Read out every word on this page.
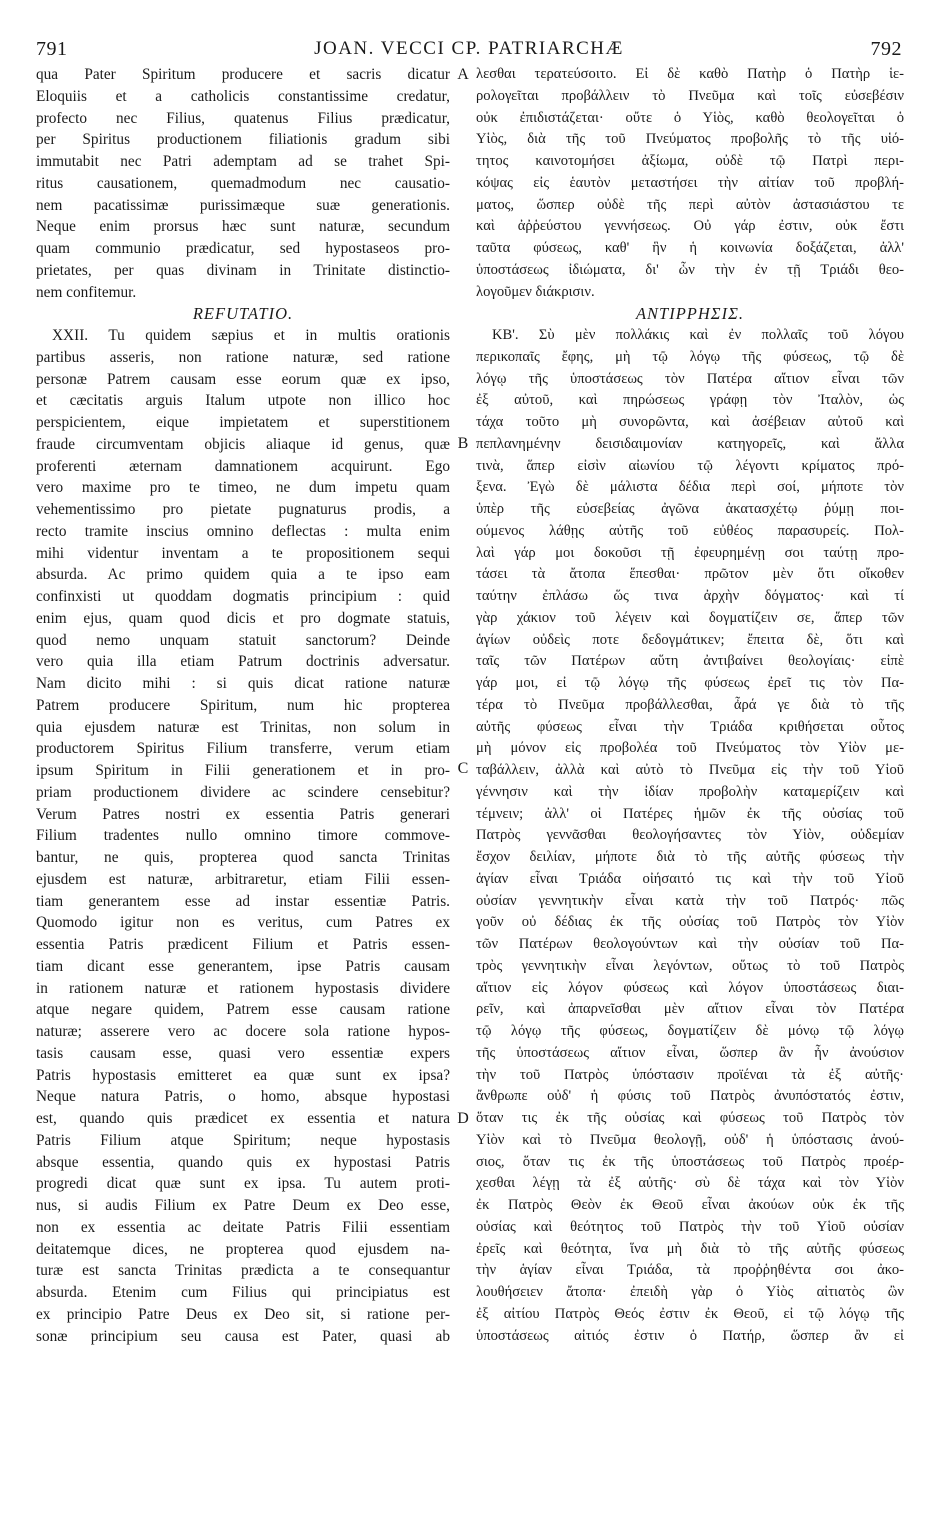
791	JOAN. VECCI CP. PATRIARCHÆ	792
qua Pater Spiritum producere et sacris dicatur
Eloquiis et a catholicis constantissime credatur,
profecto nec Filius, quatenus Filius prædicatur,
per Spiritus productionem filiationis gradum sibi
immutabit nec Patri ademptam ad se trahet Spi-
ritus causationem, quemadmodum nec causatio-
nem pacatissimæ purissimæque suæ generationis.
Neque enim prorsus hæc sunt naturæ, secundum
quam communio prædicatur, sed hypostaseos pro-
prietates, per quas divinam in Trinitate distinctio-
nem confitemur.
REFUTATIO.
XXII. Tu quidem sæpius et in multis orationis
partibus asseris, non ratione naturæ, sed ratione
personæ Patrem causam esse eorum quæ ex ipso,
et cæcitatis arguis Italum utpote non illico hoc
perspicientem, eique impietatem et superstitionem
fraude circumventam objicis aliaque id genus, quæ
proferenti æternam damnationem acquirunt. Ego
vero maxime pro te timeo, ne dum impetu quam
vehementissimo pro pietate pugnaturus prodis, a
recto tramite inscius omnino deflectas : multa enim
mihi videntur inventam a te propositionem sequi
absurda. Ac primo quidem quia a te ipso eam
confinxisti ut quoddam dogmatis principium : quid
enim ejus, quam quod dicis et pro dogmate statuis,
quod nemo unquam statuit sanctorum? Deinde
vero quia illa etiam Patrum doctrinis adversatur.
Nam dicito mihi : si quis dicat ratione naturæ
Patrem producere Spiritum, num hic propterea
quia ejusdem naturæ est Trinitas, non solum in
productorem Spiritus Filium transferre, verum etiam
ipsum Spiritum in Filii generationem et in pro-
priam productionem dividere ac scindere censebitur?
Verum Patres nostri ex essentia Patris generari
Filium tradentes nullo omnino timore commove-
bantur, ne quis, propterea quod sancta Trinitas
ejusdem est naturæ, arbitraretur, etiam Filii essen-
tiam generantem esse ad instar essentiæ Patris.
Quomodo igitur non es veritus, cum Patres ex
essentia Patris prædicent Filium et Patris essen-
tiam dicant esse generantem, ipse Patris causam
in rationem naturæ et rationem hypostasis dividere
atque negare quidem, Patrem esse causam ratione
naturæ; asserere vero ac docere sola ratione hypos-
tasis causam esse, quasi vero essentiæ expers
Patris hypostasis emitteret ea quæ sunt ex ipsa?
Neque natura Patris, o homo, absque hypostasi
est, quando quis prædicet ex essentia et natura
Patris Filium atque Spiritum; neque hypostasis
absque essentia, quando quis ex hypostasi Patris
progredi dicat quæ sunt ex ipsa. Tu autem proti-
nus, si audis Filium ex Patre Deum ex Deo esse,
non ex essentia ac deitate Patris Filii essentiam
deitatemque dices, ne propterea quod ejusdem na-
turæ est sancta Trinitas prædicta a te consequantur
absurda. Etenim cum Filius qui principiatus est
ex principio Patre Deus ex Deo sit, si ratione per-
sonæ principium seu causa est Pater, quasi ab
λεσθαι τερατεύσοιτο. Εἰ δὲ καθὸ Πατὴρ ὁ Πατὴρ ἱε-
ρολογεῖται προβάλλειν τὸ Πνεῦμα καὶ τοῖς εὐσεβέσιν
οὐκ ἐπιδιστάζεται· οὔτε ὁ Υἱὸς, καθὸ θεολογεῖται ὁ
Υἱὸς, διὰ τῆς τοῦ Πνεύματος προβολῆς τὸ τῆς υἱό-
τητος καινοτομήσει ἀξίωμα, οὐδὲ τῷ Πατρὶ περι-
κόψας εἰς ἑαυτὸν μεταστήσει τὴν αἰτίαν τοῦ προβλή-
ματος, ὥσπερ οὐδὲ τῆς περὶ αὐτὸν ἀστασιάστου τε
καὶ ἀῤῥεύστου γεννήσεως. Οὐ γάρ ἐστιν, οὐκ ἔστι
ταῦτα φύσεως, καθ' ἣν ἡ κοινωνία δοξάζεται, ἀλλ'
ὑποστάσεως ἰδιώματα, δι' ὧν τὴν ἐν τῇ Τριάδι θεο-
λογοῦμεν διάκρισιν.
ΑΝΤΙΡΡΗΣΙΣ.
ΚΒ'. Σὺ μὲν πολλάκις καὶ ἐν πολλαῖς τοῦ λόγου
περικοπαῖς ἔφης, μὴ τῷ λόγῳ τῆς φύσεως, τῷ δὲ
λόγῳ τῆς ὑποστάσεως τὸν Πατέρα αἴτιον εἶναι τῶν
ἐξ αὐτοῦ, καὶ πηρώσεως γράφῃ τὸν Ἰταλὸν, ὡς
τάχα τοῦτο μὴ συνορῶντα, καὶ ἀσέβειαν αὐτοῦ καὶ
πεπλανημένην δεισιδαιμονίαν κατηγορεῖς, καὶ ἄλλα
τινὰ, ἅπερ εἰσὶν αἰωνίου τῷ λέγοντι κρίματος πρό-
ξενα. Ἐγὼ δὲ μάλιστα δέδια περὶ σοί, μήποτε τὸν
ὑπὲρ τῆς εὐσεβείας ἀγῶνα ἀκατασχέτῳ ῥύμῃ ποι-
ούμενος λάθῃς αὐτῆς τοῦ εὐθέος παρασυρείς. Πολ-
λαὶ γάρ μοι δοκοῦσι τῇ ἐφευρημένῃ σοι ταύτῃ προ-
τάσει τὰ ἄτοπα ἕπεσθαι· πρῶτον μὲν ὅτι οἴκοθεν
ταύτην ἐπλάσω ὥς τινα ἀρχὴν δόγματος· καὶ τί
γὰρ χάκιον τοῦ λέγειν καὶ δογματίζειν σε, ἅπερ τῶν
ἁγίων οὐδεὶς ποτε δεδογμάτικεν; ἔπειτα δὲ, ὅτι καὶ
ταῖς τῶν Πατέρων αὕτη ἀντιβαίνει θεολογίαις· εἰπὲ
γάρ μοι, εἰ τῷ λόγῳ τῆς φύσεως ἐρεῖ τις τὸν Πα-
τέρα τὸ Πνεῦμα προβάλλεσθαι, ἆρά γε διὰ τὸ τῆς
αὐτῆς φύσεως εἶναι τὴν Τριάδα κριθήσεται οὗτος
μὴ μόνον εἰς προβολέα τοῦ Πνεύματος τὸν Υἱὸν με-
ταβάλλειν, ἀλλὰ καὶ αὐτὸ τὸ Πνεῦμα εἰς τὴν τοῦ Υἱοῦ
γέννησιν καὶ τὴν ἰδίαν προβολὴν καταμερίζειν καὶ
τέμνειν; ἀλλ' οἱ Πατέρες ἡμῶν ἐκ τῆς οὐσίας τοῦ
Πατρὸς γεννᾶσθαι θεολογήσαντες τὸν Υἱὸν, οὐδεμίαν
ἔσχον δειλίαν, μήποτε διὰ τὸ τῆς αὐτῆς φύσεως τὴν
ἁγίαν εἶναι Τριάδα οἰήσαιτό τις καὶ τὴν τοῦ Υἱοῦ
οὐσίαν γεννητικὴν εἶναι κατὰ τὴν τοῦ Πατρός· πῶς
γοῦν οὐ δέδιας ἐκ τῆς οὐσίας τοῦ Πατρὸς τὸν Υἱὸν
τῶν Πατέρων θεολογούντων καὶ τὴν οὐσίαν τοῦ Πα-
τρὸς γεννητικὴν εἶναι λεγόντων, οὕτως τὸ τοῦ Πατρὸς
αἴτιον εἰς λόγον φύσεως καὶ λόγον ὑποστάσεως διαι-
ρεῖν, καὶ ἀπαρνεῖσθαι μὲν αἴτιον εἶναι τὸν Πατέρα
τῷ λόγῳ τῆς φύσεως, δογματίζειν δὲ μόνῳ τῷ λόγῳ
τῆς ὑποστάσεως αἴτιον εἶναι, ὥσπερ ἂν ἦν ἀνούσιον
τὴν τοῦ Πατρὸς ὑπόστασιν προϊέναι τὰ ἐξ αὐτῆς·
ἄνθρωπε οὐδ' ἡ φύσις τοῦ Πατρὸς ἀνυπόστατός ἐστιν,
ὅταν τις ἐκ τῆς οὐσίας καὶ φύσεως τοῦ Πατρὸς τὸν
Υἱὸν καὶ τὸ Πνεῦμα θεολογῇ, οὐδ' ἡ ὑπόστασις ἀνού-
σιος, ὅταν τις ἐκ τῆς ὑποστάσεως τοῦ Πατρὸς προέρ-
χεσθαι λέγῃ τὰ ἐξ αὐτῆς· σὺ δὲ τάχα καὶ τὸν Υἱὸν
ἐκ Πατρὸς Θεὸν ἐκ Θεοῦ εἶναι ἀκούων οὐκ ἐκ τῆς
οὐσίας καὶ θεότητος τοῦ Πατρὸς τὴν τοῦ Υἱοῦ οὐσίαν
ἐρεῖς καὶ θεότητα, ἵνα μὴ διὰ τὸ τῆς αὐτῆς φύσεως
τὴν ἁγίαν εἶναι Τριάδα, τὰ προῤῥηθέντα σοι ἀκο-
λουθήσειεν ἄτοπα· ἐπειδὴ γὰρ ὁ Υἱὸς αἰτιατὸς ὢν
ἐξ αἰτίου Πατρὸς Θεός ἐστιν ἐκ Θεοῦ, εἰ τῷ λόγῳ τῆς
ὑποστάσεως αἰτιός ἐστιν ὁ Πατήρ, ὥσπερ ἂν εἰ
A
B
C
D
